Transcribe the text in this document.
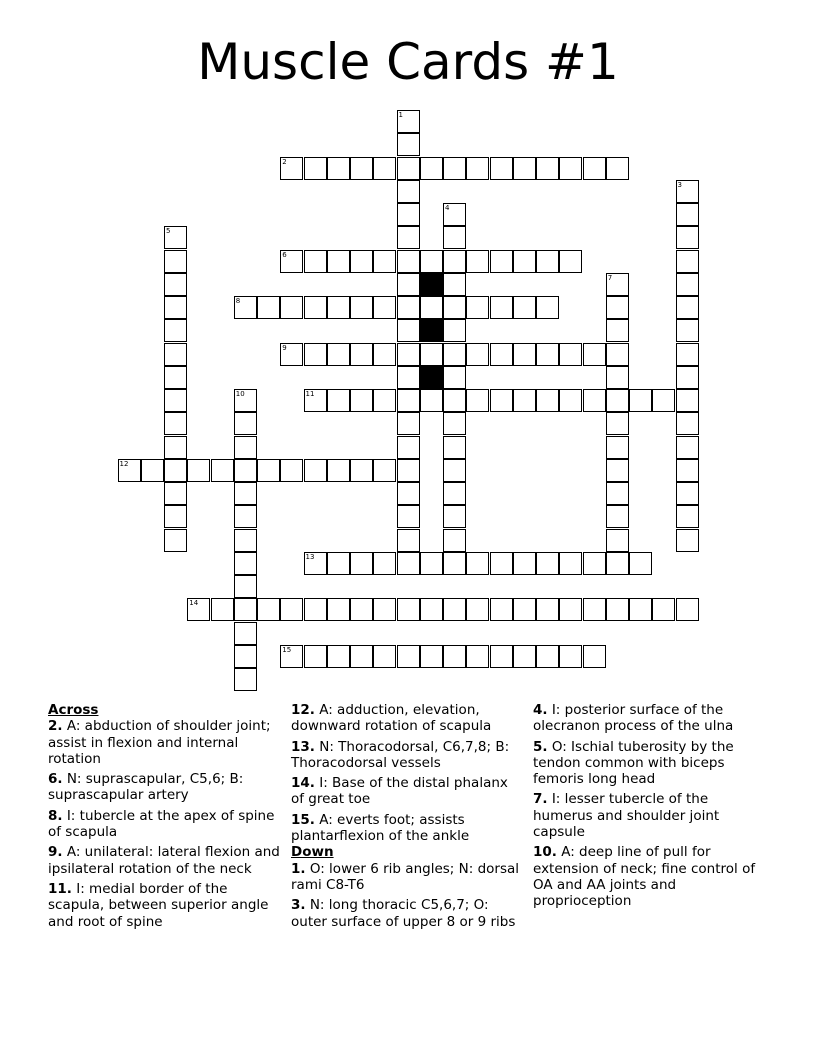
Muscle Cards #1
2
6
8
9
11
12
13
14
15
1
3
4
5
7
10
Across
2. A: abduction of shoulder joint; assist in flexion and internal rotation
6. N: suprascapular, C5,6; B: suprascapular artery
8. I: tubercle at the apex of spine of scapula
9. A: unilateral: lateral flexion and ipsilateral rotation of the neck
11. I: medial border of the scapula, between superior angle and root of spine
12. A: adduction, elevation, downward rotation of scapula
13. N: Thoracodorsal, C6,7,8; B: Thoracodorsal vessels
14. I: Base of the distal phalanx of great toe
15. A: everts foot; assists plantarflexion of the ankle
Down
1. O: lower 6 rib angles; N: dorsal rami C8-T6
3. N: long thoracic C5,6,7; O: outer surface of upper 8 or 9 ribs
4. I: posterior surface of the olecranon process of the ulna
5. O: Ischial tuberosity by the tendon common with biceps femoris long head
7. I: lesser tubercle of the humerus and shoulder joint capsule
10. A: deep line of pull for extension of neck; fine control of OA and AA joints and proprioception
